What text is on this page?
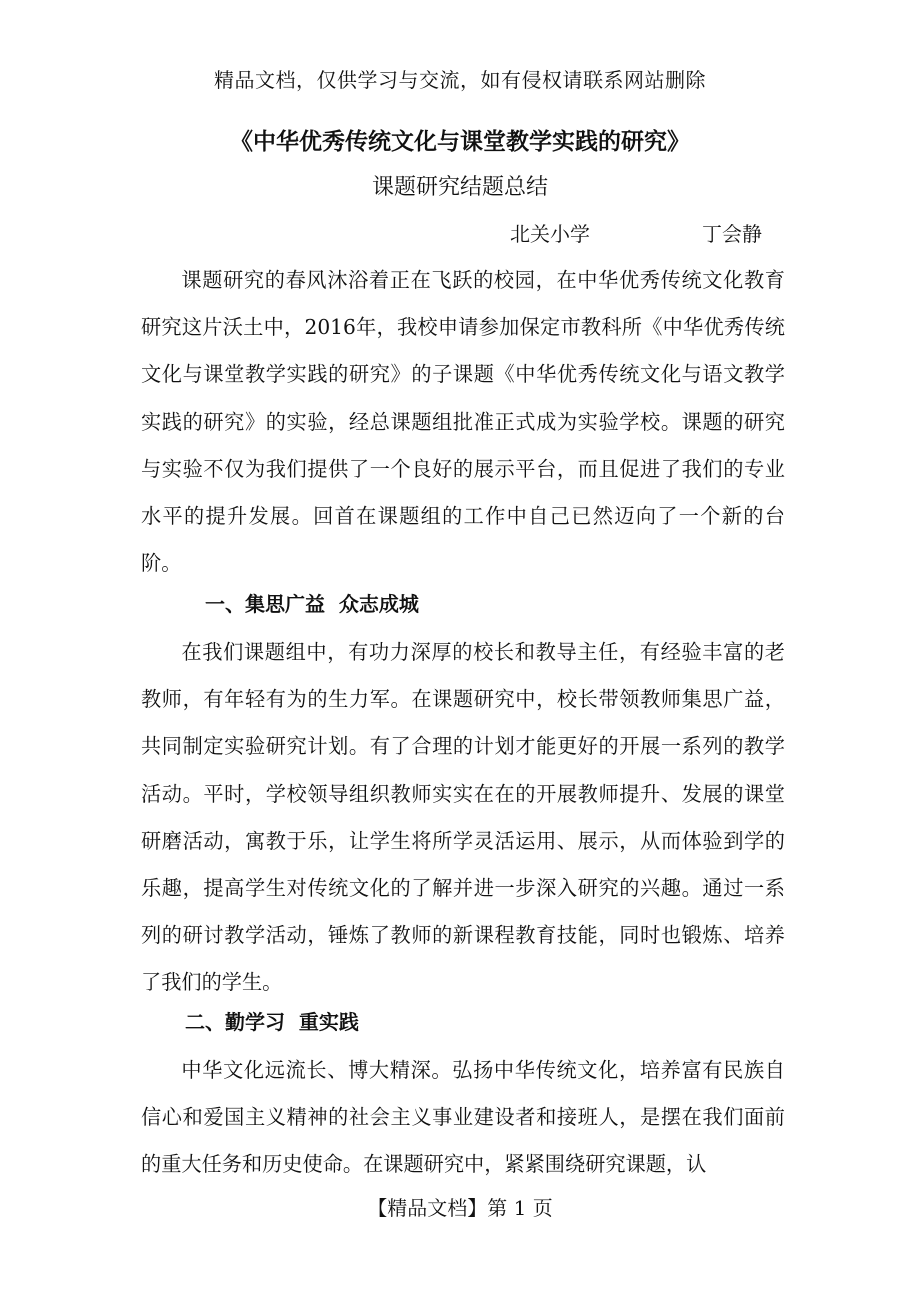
精品文档，仅供学习与交流，如有侵权请联系网站删除
《中华优秀传统文化与课堂教学实践的研究》
课题研究结题总结
北关小学	丁会静

课题研究的春风沐浴着正在飞跃的校园，在中华优秀传统文化教育研究这片沃土中，2016年，我校申请参加保定市教科所《中华优秀传统文化与课堂教学实践的研究》的子课题《中华优秀传统文化与语文教学实践的研究》的实验，经总课题组批准正式成为实验学校。课题的研究与实验不仅为我们提供了一个良好的展示平台，而且促进了我们的专业水平的提升发展。回首在课题组的工作中自己已然迈向了一个新的台阶。

一、集思广益  众志成城

在我们课题组中，有功力深厚的校长和教导主任，有经验丰富的老教师，有年轻有为的生力军。在课题研究中，校长带领教师集思广益，共同制定实验研究计划。有了合理的计划才能更好的开展一系列的教学活动。平时，学校领导组织教师实实在在的开展教师提升、发展的课堂研磨活动，寓教于乐，让学生将所学灵活运用、展示，从而体验到学的乐趣，提高学生对传统文化的了解并进一步深入研究的兴趣。通过一系列的研讨教学活动，锤炼了教师的新课程教育技能，同时也锻炼、培养了我们的学生。

二、勤学习  重实践

中华文化远流长、博大精深。弘扬中华传统文化，培养富有民族自信心和爱国主义精神的社会主义事业建设者和接班人，是摆在我们面前的重大任务和历史使命。在课题研究中，紧紧围绕研究课题，认

【精品文档】第 1 页
